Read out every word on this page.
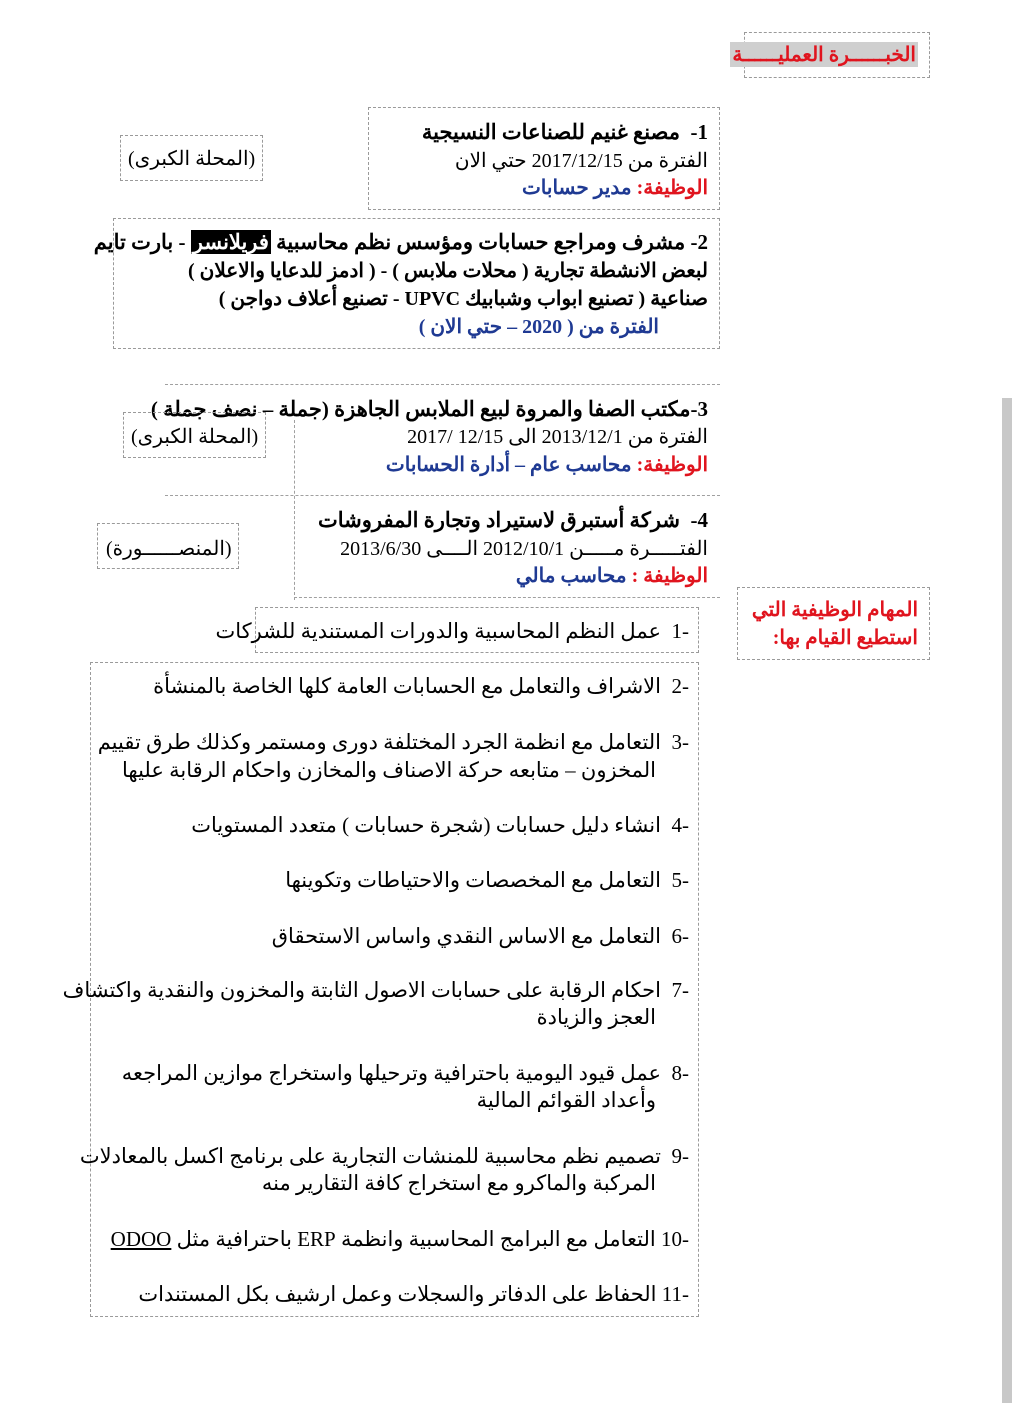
الخبــــــرة العمليــــــة
1-  مصنع غنيم للصناعات النسيجية
الفترة من 2017/12/15 حتي الان
الوظيفة: مدير حسابات
(المحلة الكبرى)
2- مشرف ومراجع حسابات ومؤسس نظم محاسبية فريلانسر - بارت تايم
لبعض الانشطة تجارية ( محلات ملابس ) - ( ادمز للدعايا والاعلان )
صناعية ( تصنيع ابواب وشبابيك UPVC - تصنيع أعلاف دواجن )
الفترة من ( 2020 – حتي الان )
3-مكتب الصفا والمروة لبيع الملابس الجاهزة (جملة – نصف جملة )
الفترة من 2013/12/1 الى 12/15 /2017
الوظيفة: محاسب عام – أدارة الحسابات
(المحلة الكبرى)
4-  شركة أستبرق لاستيراد وتجارة المفروشات
الفتـــــرة مـــــن 2012/10/1 الــــى 2013/6/30
الوظيفة : محاسب مالي
(المنصــــــورة)
المهام الوظيفية التي
استطيع القيام بها:
-1  عمل النظم المحاسبية والدورات المستندية للشركات
-2  الاشراف والتعامل مع الحسابات العامة كلها الخاصة بالمنشأة
-3  التعامل مع انظمة الجرد المختلفة دورى ومستمر وكذلك طرق تقييم
المخزون – متابعه حركة الاصناف والمخازن واحكام الرقابة عليها
-4  انشاء دليل حسابات (شجرة حسابات ) متعدد المستويات
-5  التعامل مع المخصصات والاحتياطات وتكوينها
-6  التعامل مع الاساس النقدي واساس الاستحقاق
-7  احكام الرقابة على حسابات الاصول الثابتة والمخزون والنقدية واكتشاف
العجز والزيادة
-8  عمل قيود اليومية باحترافية وترحيلها واستخراج موازين المراجعه
وأعداد القوائم المالية
-9  تصميم نظم محاسبية للمنشات التجارية على برنامج اكسل بالمعادلات
المركبة والماكرو مع استخراج كافة التقارير منه
-10 التعامل مع البرامج المحاسبية وانظمة ERP باحترافية مثل ODOO
-11 الحفاظ على الدفاتر والسجلات وعمل ارشيف بكل المستندات
